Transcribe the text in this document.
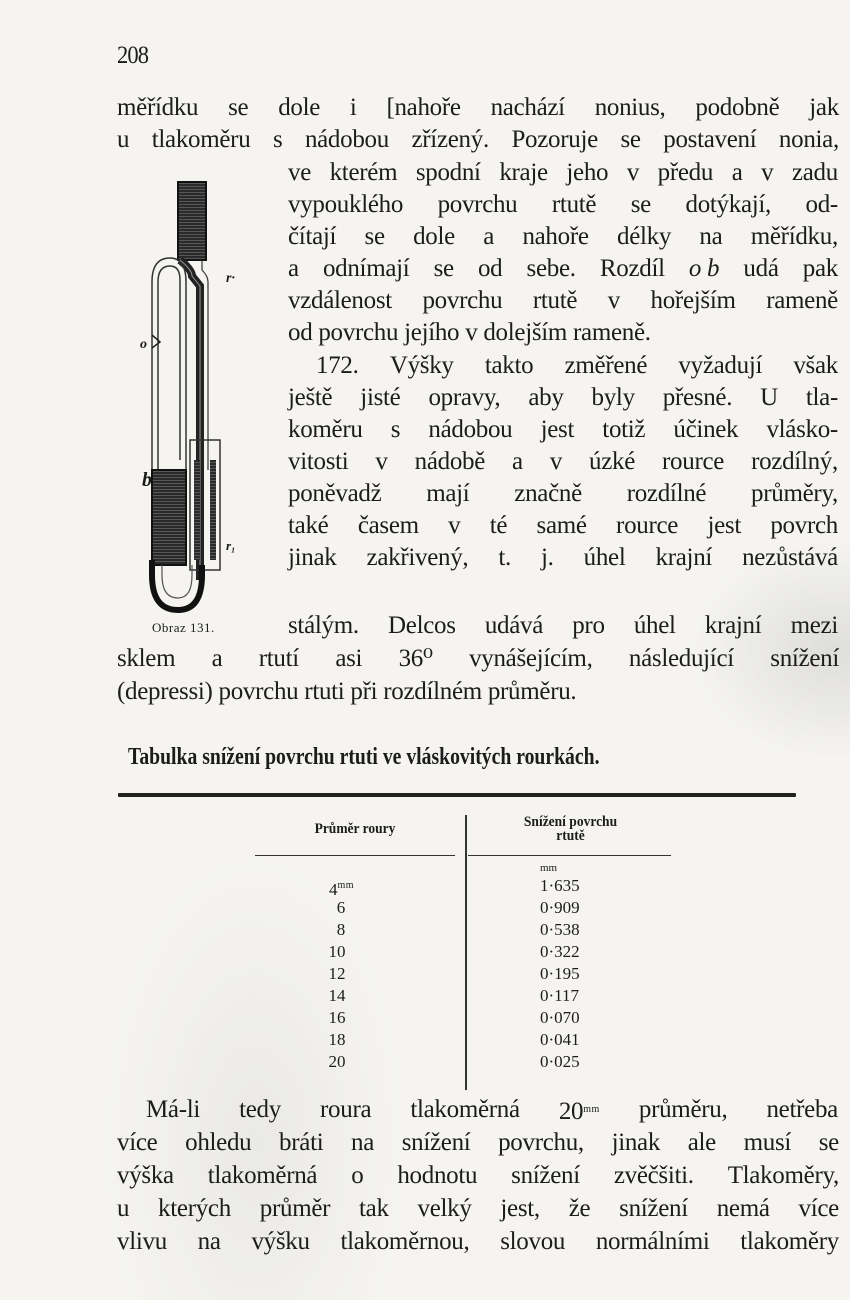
208
měřídku se dole i [nahoře nachází nonius, podobně jak
u tlakoměru s nádobou zřízený. Pozoruje se postavení nonia,
ve kterém spodní kraje jeho v předu a v zadu
vypouklého povrchu rtutě se dotýkají, od-
čítají se dole a nahoře délky na měřídku,
a odnímají se od sebe. Rozdíl o b udá pak
vzdálenost povrchu rtutě v hořejším rameně
od povrchu jejího v dolejším rameně.
172. Výšky takto změřené vyžadují však
ještě jisté opravy, aby byly přesné. U tla-
koměru s nádobou jest totiž účinek vlásko-
vitosti v nádobě a v úzké rource rozdílný,
poněvadž mají značně rozdílné průměry,
také časem v té samé rource jest povrch
jinak zakřivený, t. j. úhel krajní nezůstává
stálým. Delcos udává pro úhel krajní mezi
sklem a rtutí asi 36⁰ vynášejícím, následující snížení
(depressi) povrchu rtuti při rozdílném průměru.
r·
o
b
r₁
Obraz 131.
Tabulka snížení povrchu rtuti ve vláskovitých rourkách.
Průměr roury	Snížení povrchu rtutě
mm
$4^{mm}$	1·635
6	0·909
8	0·538
10	0·322
12	0·195
14	0·117
16	0·070
18	0·041
20	0·025
Má-li tedy roura tlakoměrná $20^{mm}$ průměru, netřeba
více ohledu bráti na snížení povrchu, jinak ale musí se
výška tlakoměrná o hodnotu snížení zvěčšiti. Tlakoměry,
u kterých průměr tak velký jest, že snížení nemá více
vlivu na výšku tlakoměrnou, slovou normálními tlakoměry
